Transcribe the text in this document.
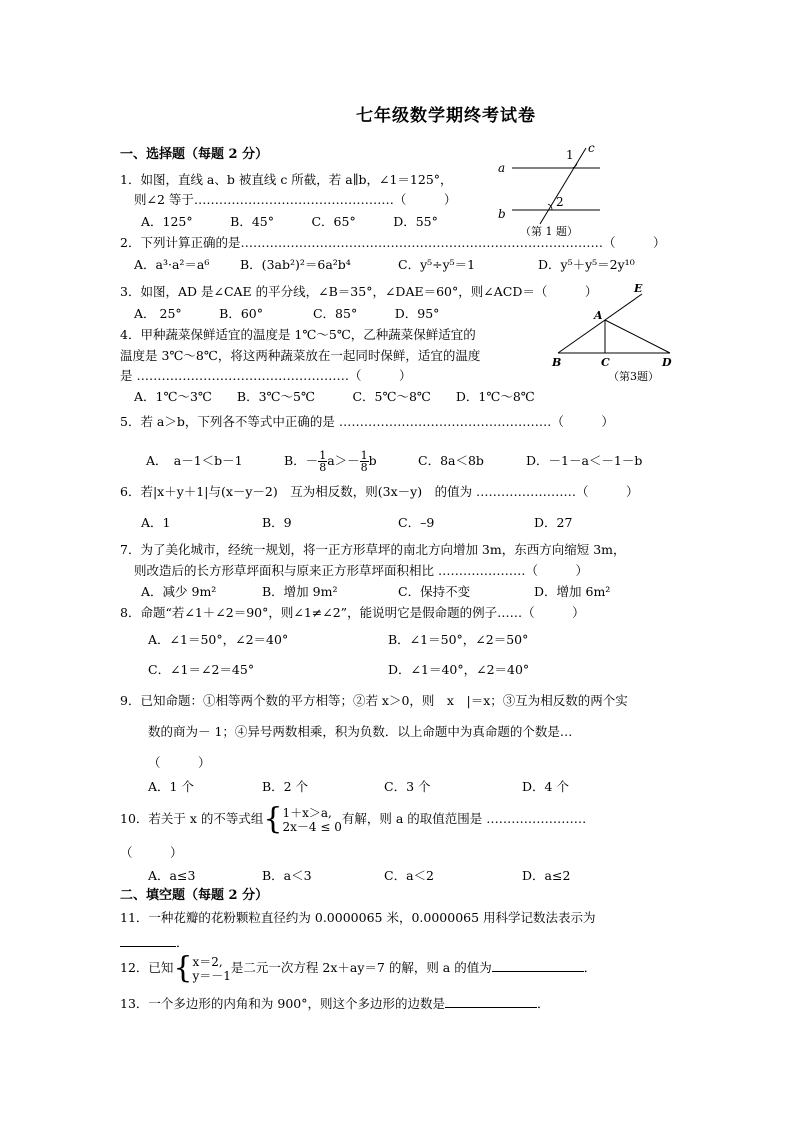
七年级数学期终考试卷
一、选择题（每题 2 分）
a
b
c
1
2
（第 1 题）
1．如图，直线 a、b 被直线 c 所截，若 a∥b，∠1＝125°，
则∠2 等于…………………………………………（　　　）
A．125°　　　B．45°　　　C．65°　　　D．55°
2．下列计算正确的是……………………………………………………………………………（　　　）
A．a³·a²＝a⁶ B．(3ab²)²＝6a²b⁴	C．y⁵÷y⁵＝1	D．y⁵＋y⁵＝2y¹⁰
3．如图，AD 是∠CAE 的平分线，∠B＝35°，∠DAE＝60°，则∠ACD＝（　　　）
A． 25°　　　B．60°　　　　C．85°　　　D．95°	A
B	C	D
E
（第3题）
4．甲种蔬菜保鲜适宜的温度是 1℃～5℃，乙种蔬菜保鲜适宜的
温度是 3℃～8℃，将这两种蔬菜放在一起同时保鲜，适宜的温度
是 ……………………………………………（　　　）
A．1℃～3℃　　B．3℃～5℃　　　C．5℃～8℃　　D．1℃～8℃
5．若 a＞b，下列各不等式中正确的是 ……………………………………………（　　　）
A．　a－1＜b－1	B．－ $\frac{1}{8} a>- \frac{1}{8}$ b	C．8a＜8b	D．－1－a＜－1－b
6．若|x＋y＋1|与(x－y－2)　互为相反数，则(3x－y)　的值为 ……………………（　　　）
A．1	B．9	C．–9	D．27
7．为了美化城市，经统一规划，将一正方形草坪的南北方向增加 3m，东西方向缩短 3m，
则改造后的长方形草坪面积与原来正方形草坪面积相比 …………………（　　　）
A．减少 9m²	B．增加 9m²	C．保持不变	D．增加 6m²
8．命题“若∠1＋∠2＝90°，则∠1≠∠2”，能说明它是假命题的例子……（　　　）
A．∠1＝50°，∠2＝40°	B．∠1＝50°，∠2＝50°
C．∠1＝∠2＝45°	D．∠1＝40°，∠2＝40°
9．已知命题：①相等两个数的平方相等；②若 x＞0，则　x　|＝x；③互为相反数的两个实
数的商为－ 1；④异号两数相乘，积为负数．以上命题中为真命题的个数是…
（　　　）
A．1 个	B．2 个	C．3 个	D．4 个
10．若关于 x 的不等式组{ 1＋x＞a,
2x－4 ≤ 0
有解，则 a 的取值范围是 ……………………
（　　　）
A．a≤3	B．a＜3	C．a＜2	D．a≤2
二、填空题（每题 2 分）
11．一种花瓣的花粉颗粒直径约为 0.0000065 米，0.0000065 用科学记数法表示为
．
12．已知{ x＝2,
y＝－1
是二元一次方程 2x＋ay＝7 的解，则 a 的值为	．
13．一个多边形的内角和为 900°，则这个多边形的边数是	．
